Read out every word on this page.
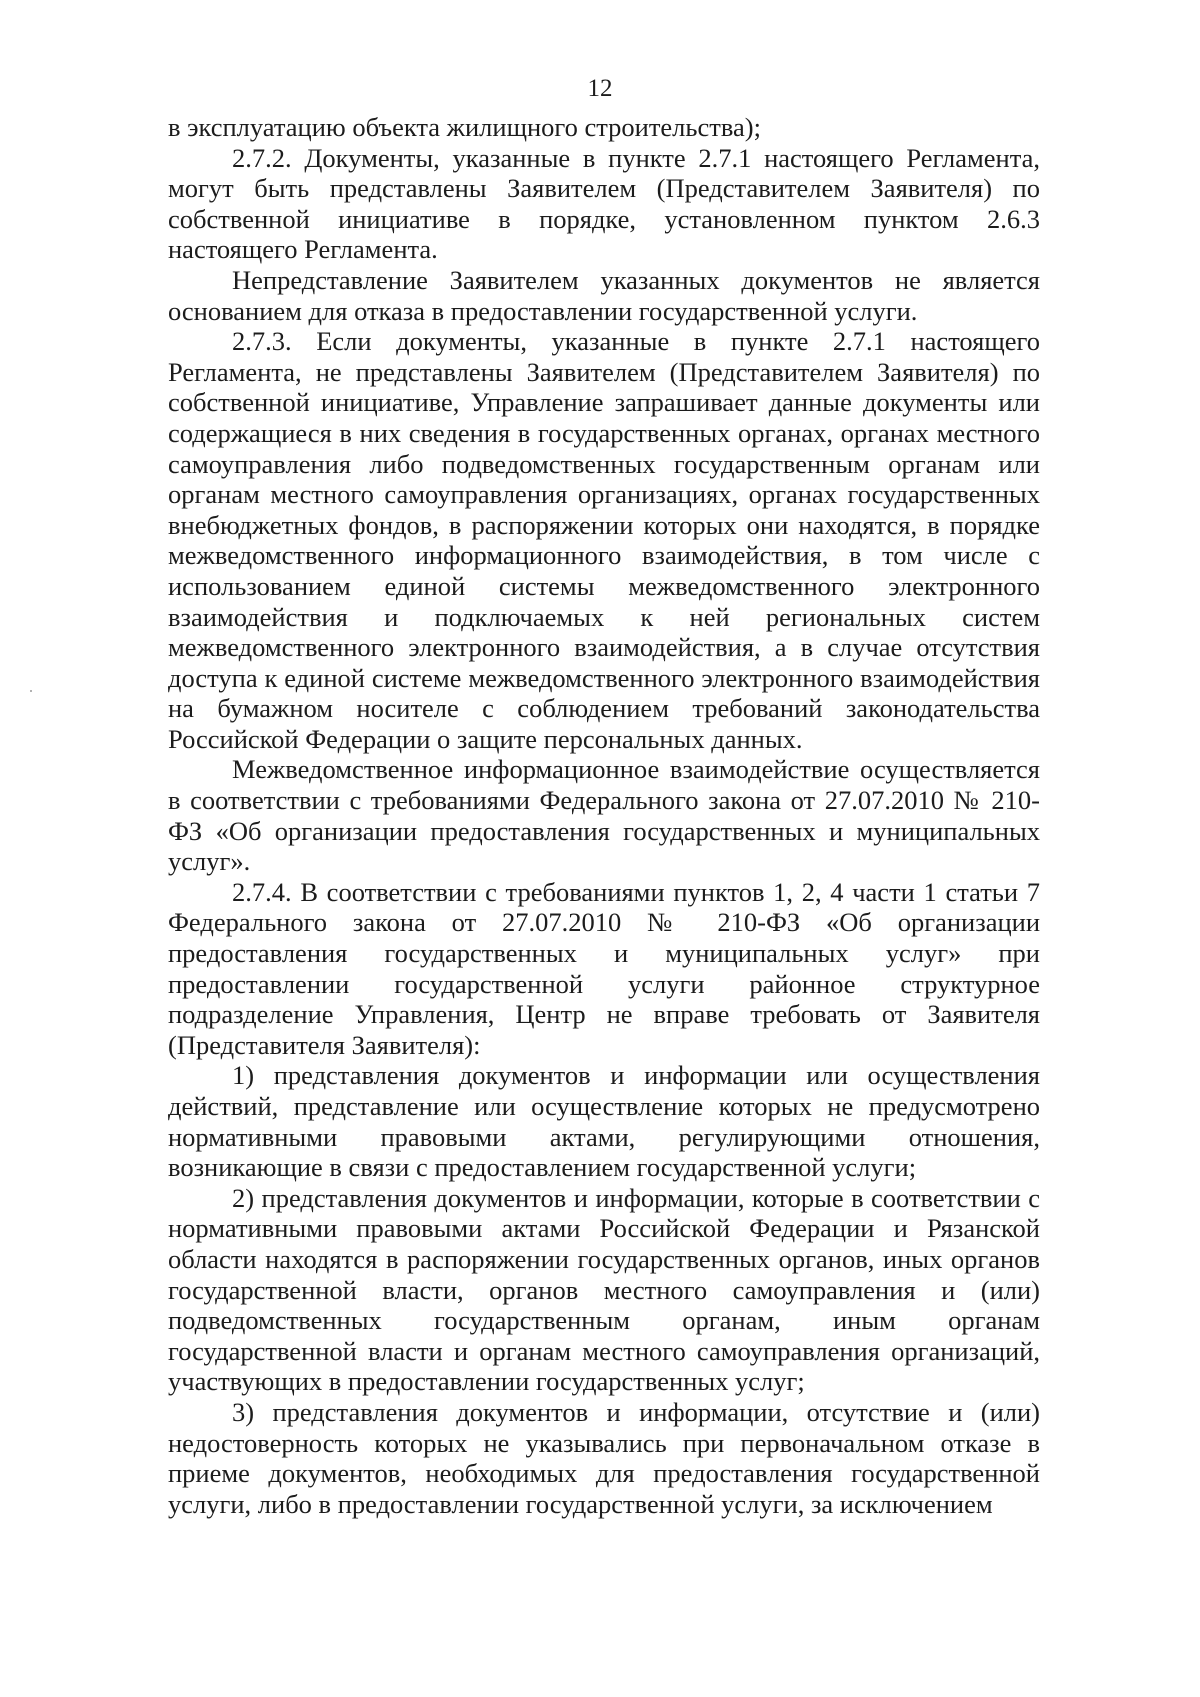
12

в эксплуатацию объекта жилищного строительства);

2.7.2. Документы, указанные в пункте 2.7.1 настоящего Регламента, могут быть представлены Заявителем (Представителем Заявителя) по собственной инициативе в порядке, установленном пунктом 2.6.3 настоящего Регламента.

Непредставление Заявителем указанных документов не является основанием для отказа в предоставлении государственной услуги.

2.7.3. Если документы, указанные в пункте 2.7.1 настоящего Регламента, не представлены Заявителем (Представителем Заявителя) по собственной инициативе, Управление запрашивает данные документы или содержащиеся в них сведения в государственных органах, органах местного самоуправления либо подведомственных государственным органам или органам местного самоуправления организациях, органах государственных внебюджетных фондов, в распоряжении которых они находятся, в порядке межведомственного информационного взаимодействия, в том числе с использованием единой системы межведомственного электронного взаимодействия и подключаемых к ней региональных систем межведомственного электронного взаимодействия, а в случае отсутствия доступа к единой системе межведомственного электронного взаимодействия на бумажном носителе с соблюдением требований законодательства Российской Федерации о защите персональных данных.

Межведомственное информационное взаимодействие осуществляется в соответствии с требованиями Федерального закона от 27.07.2010 № 210-ФЗ «Об организации предоставления государственных и муниципальных услуг».

2.7.4. В соответствии с требованиями пунктов 1, 2, 4 части 1 статьи 7 Федерального закона от 27.07.2010 № 210-ФЗ «Об организации предоставления государственных и муниципальных услуг» при предоставлении государственной услуги районное структурное подразделение Управления, Центр не вправе требовать от Заявителя (Представителя Заявителя):

1) представления документов и информации или осуществления действий, представление или осуществление которых не предусмотрено нормативными правовыми актами, регулирующими отношения, возникающие в связи с предоставлением государственной услуги;

2) представления документов и информации, которые в соответствии с нормативными правовыми актами Российской Федерации и Рязанской области находятся в распоряжении государственных органов, иных органов государственной власти, органов местного самоуправления и (или) подведомственных государственным органам, иным органам государственной власти и органам местного самоуправления организаций, участвующих в предоставлении государственных услуг;

3) представления документов и информации, отсутствие и (или) недостоверность которых не указывались при первоначальном отказе в приеме документов, необходимых для предоставления государственной услуги, либо в предоставлении государственной услуги, за исключением
